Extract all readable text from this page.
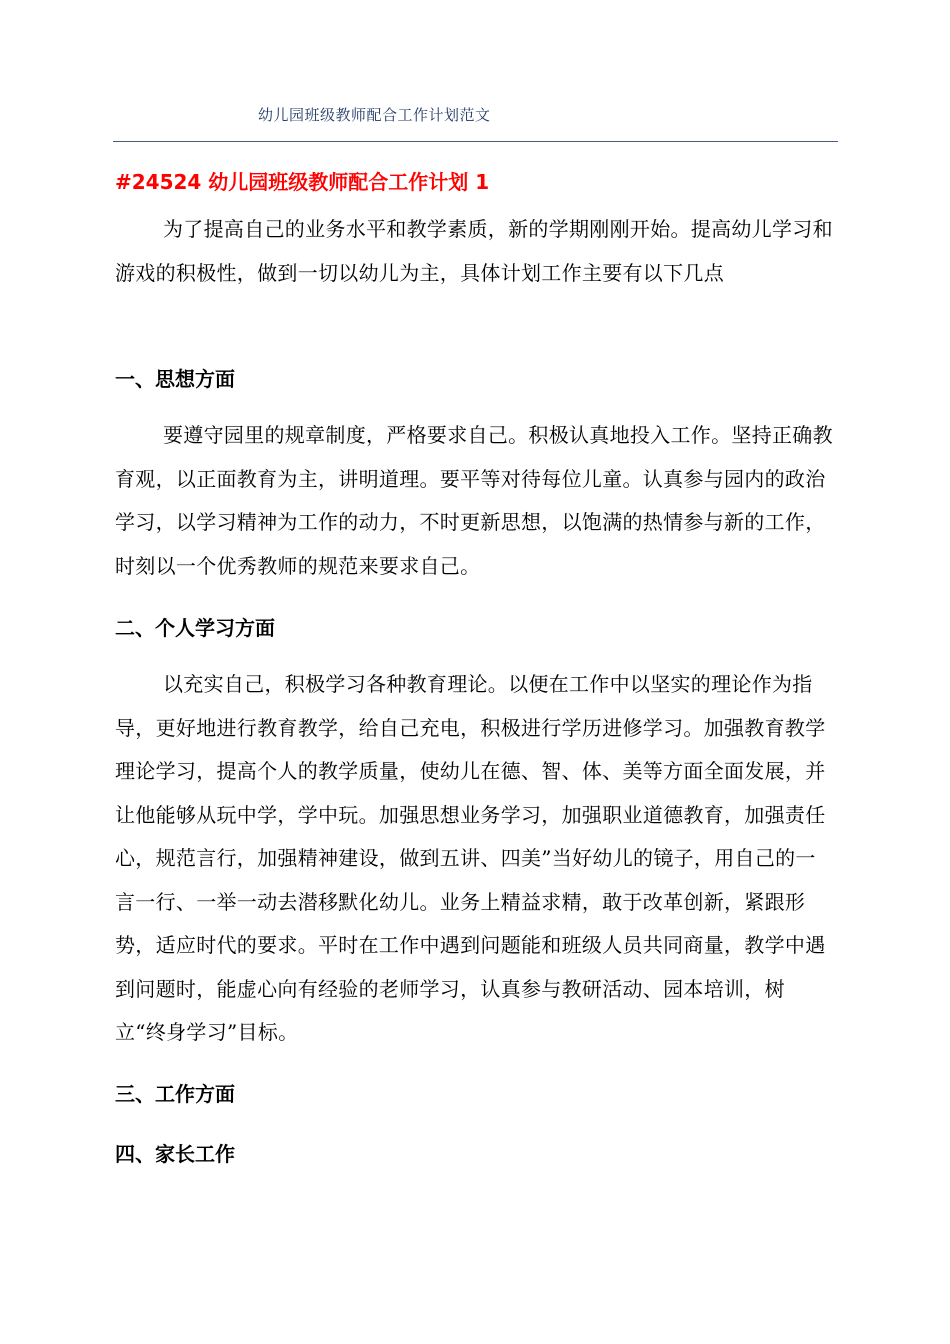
幼儿园班级教师配合工作计划范文
#24524 幼儿园班级教师配合工作计划 1
为了提高自己的业务水平和教学素质，新的学期刚刚开始。提高幼儿学习和游戏的积极性，做到一切以幼儿为主，具体计划工作主要有以下几点
一、思想方面
要遵守园里的规章制度，严格要求自己。积极认真地投入工作。坚持正确教育观，以正面教育为主，讲明道理。要平等对待每位儿童。认真参与园内的政治学习，以学习精神为工作的动力，不时更新思想，以饱满的热情参与新的工作，时刻以一个优秀教师的规范来要求自己。
二、个人学习方面
以充实自己，积极学习各种教育理论。以便在工作中以坚实的理论作为指导，更好地进行教育教学，给自己充电，积极进行学历进修学习。加强教育教学理论学习，提高个人的教学质量，使幼儿在德、智、体、美等方面全面发展，并让他能够从玩中学，学中玩。加强思想业务学习，加强职业道德教育，加强责任心，规范言行，加强精神建设，做到五讲、四美”当好幼儿的镜子，用自己的一言一行、一举一动去潜移默化幼儿。业务上精益求精，敢于改革创新，紧跟形势，适应时代的要求。平时在工作中遇到问题能和班级人员共同商量，教学中遇到问题时，能虚心向有经验的老师学习，认真参与教研活动、园本培训，树立“终身学习”目标。
三、工作方面
四、家长工作
